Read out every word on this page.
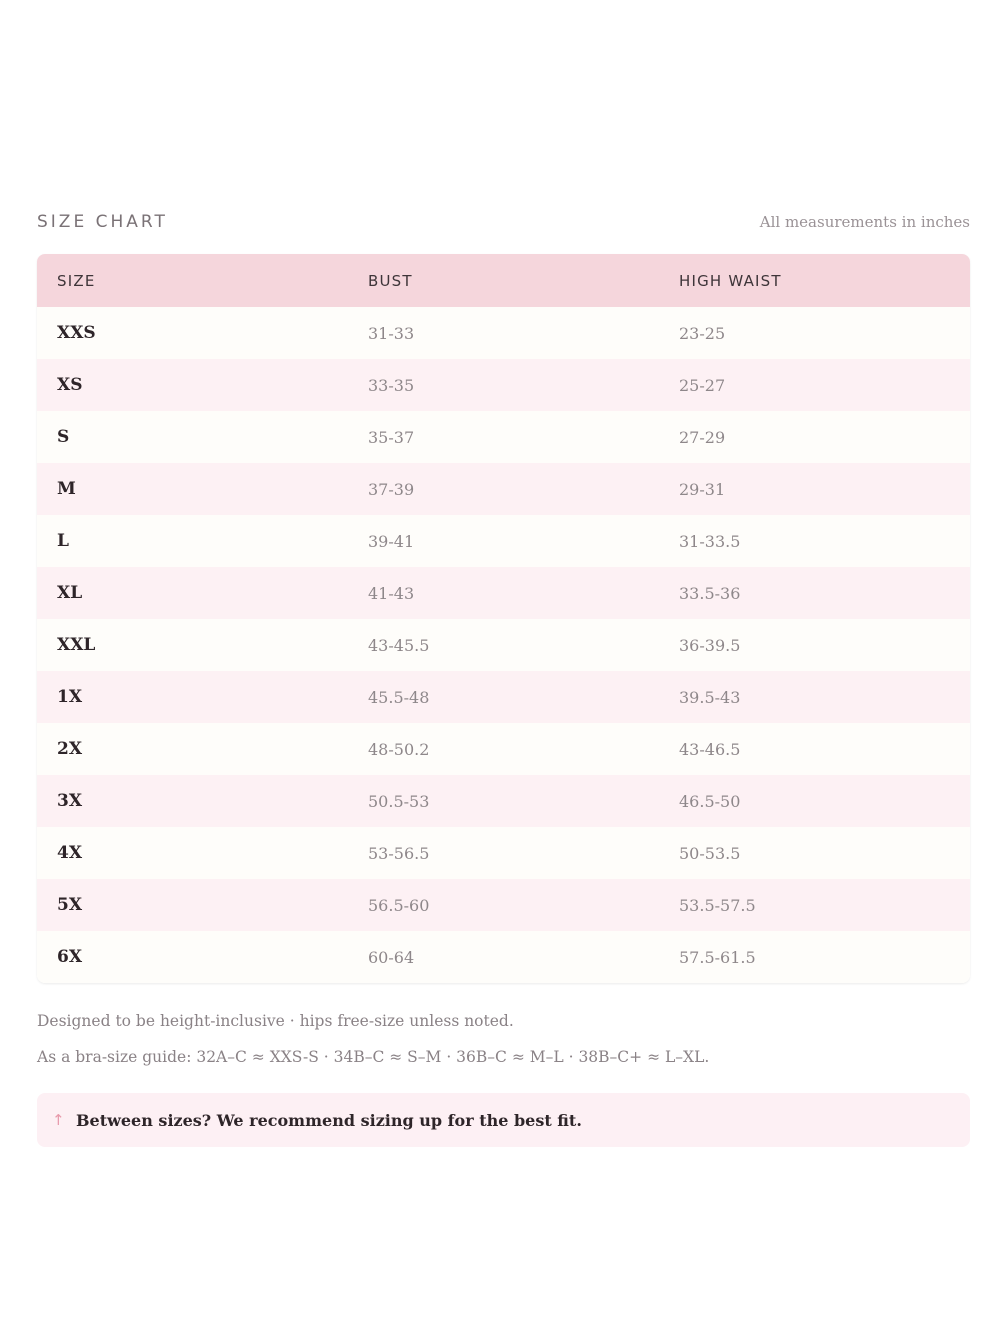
SIZE CHART	All measurements in inches
SIZE	BUST	HIGH WAIST
XXS	31-33	23-25
XS	33-35	25-27
S	35-37	27-29
M	37-39	29-31
L	39-41	31-33.5
XL	41-43	33.5-36
XXL	43-45.5	36-39.5
1X	45.5-48	39.5-43
2X	48-50.2	43-46.5
3X	50.5-53	46.5-50
4X	53-56.5	50-53.5
5X	56.5-60	53.5-57.5
6X	60-64	57.5-61.5
Designed to be height-inclusive · hips free-size unless noted.
As a bra-size guide: 32A–C ≈ XXS-S · 34B–C ≈ S–M · 36B–C ≈ M–L · 38B–C+ ≈ L–XL.
↑ Between sizes? We recommend sizing up for the best fit.
